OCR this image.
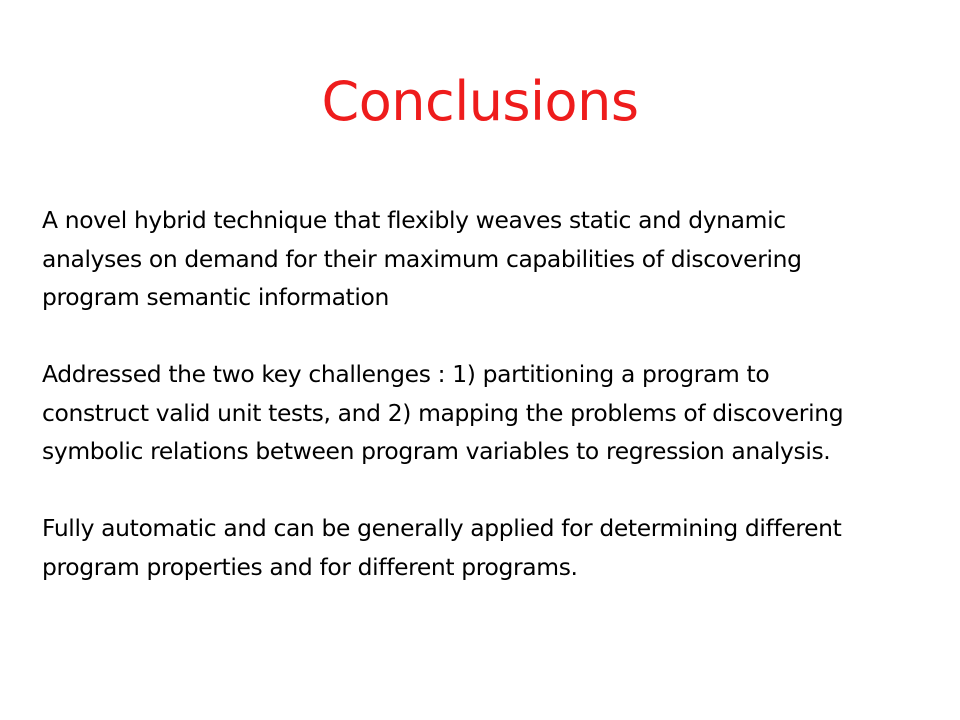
Conclusions

A novel hybrid technique that flexibly weaves static and dynamic
analyses on demand for their maximum capabilities of discovering
program semantic information

Addressed the two key challenges : 1) partitioning a program to
construct valid unit tests, and 2) mapping the problems of discovering
symbolic relations between program variables to regression analysis.

Fully automatic and can be generally applied for determining different
program properties and for different programs.
